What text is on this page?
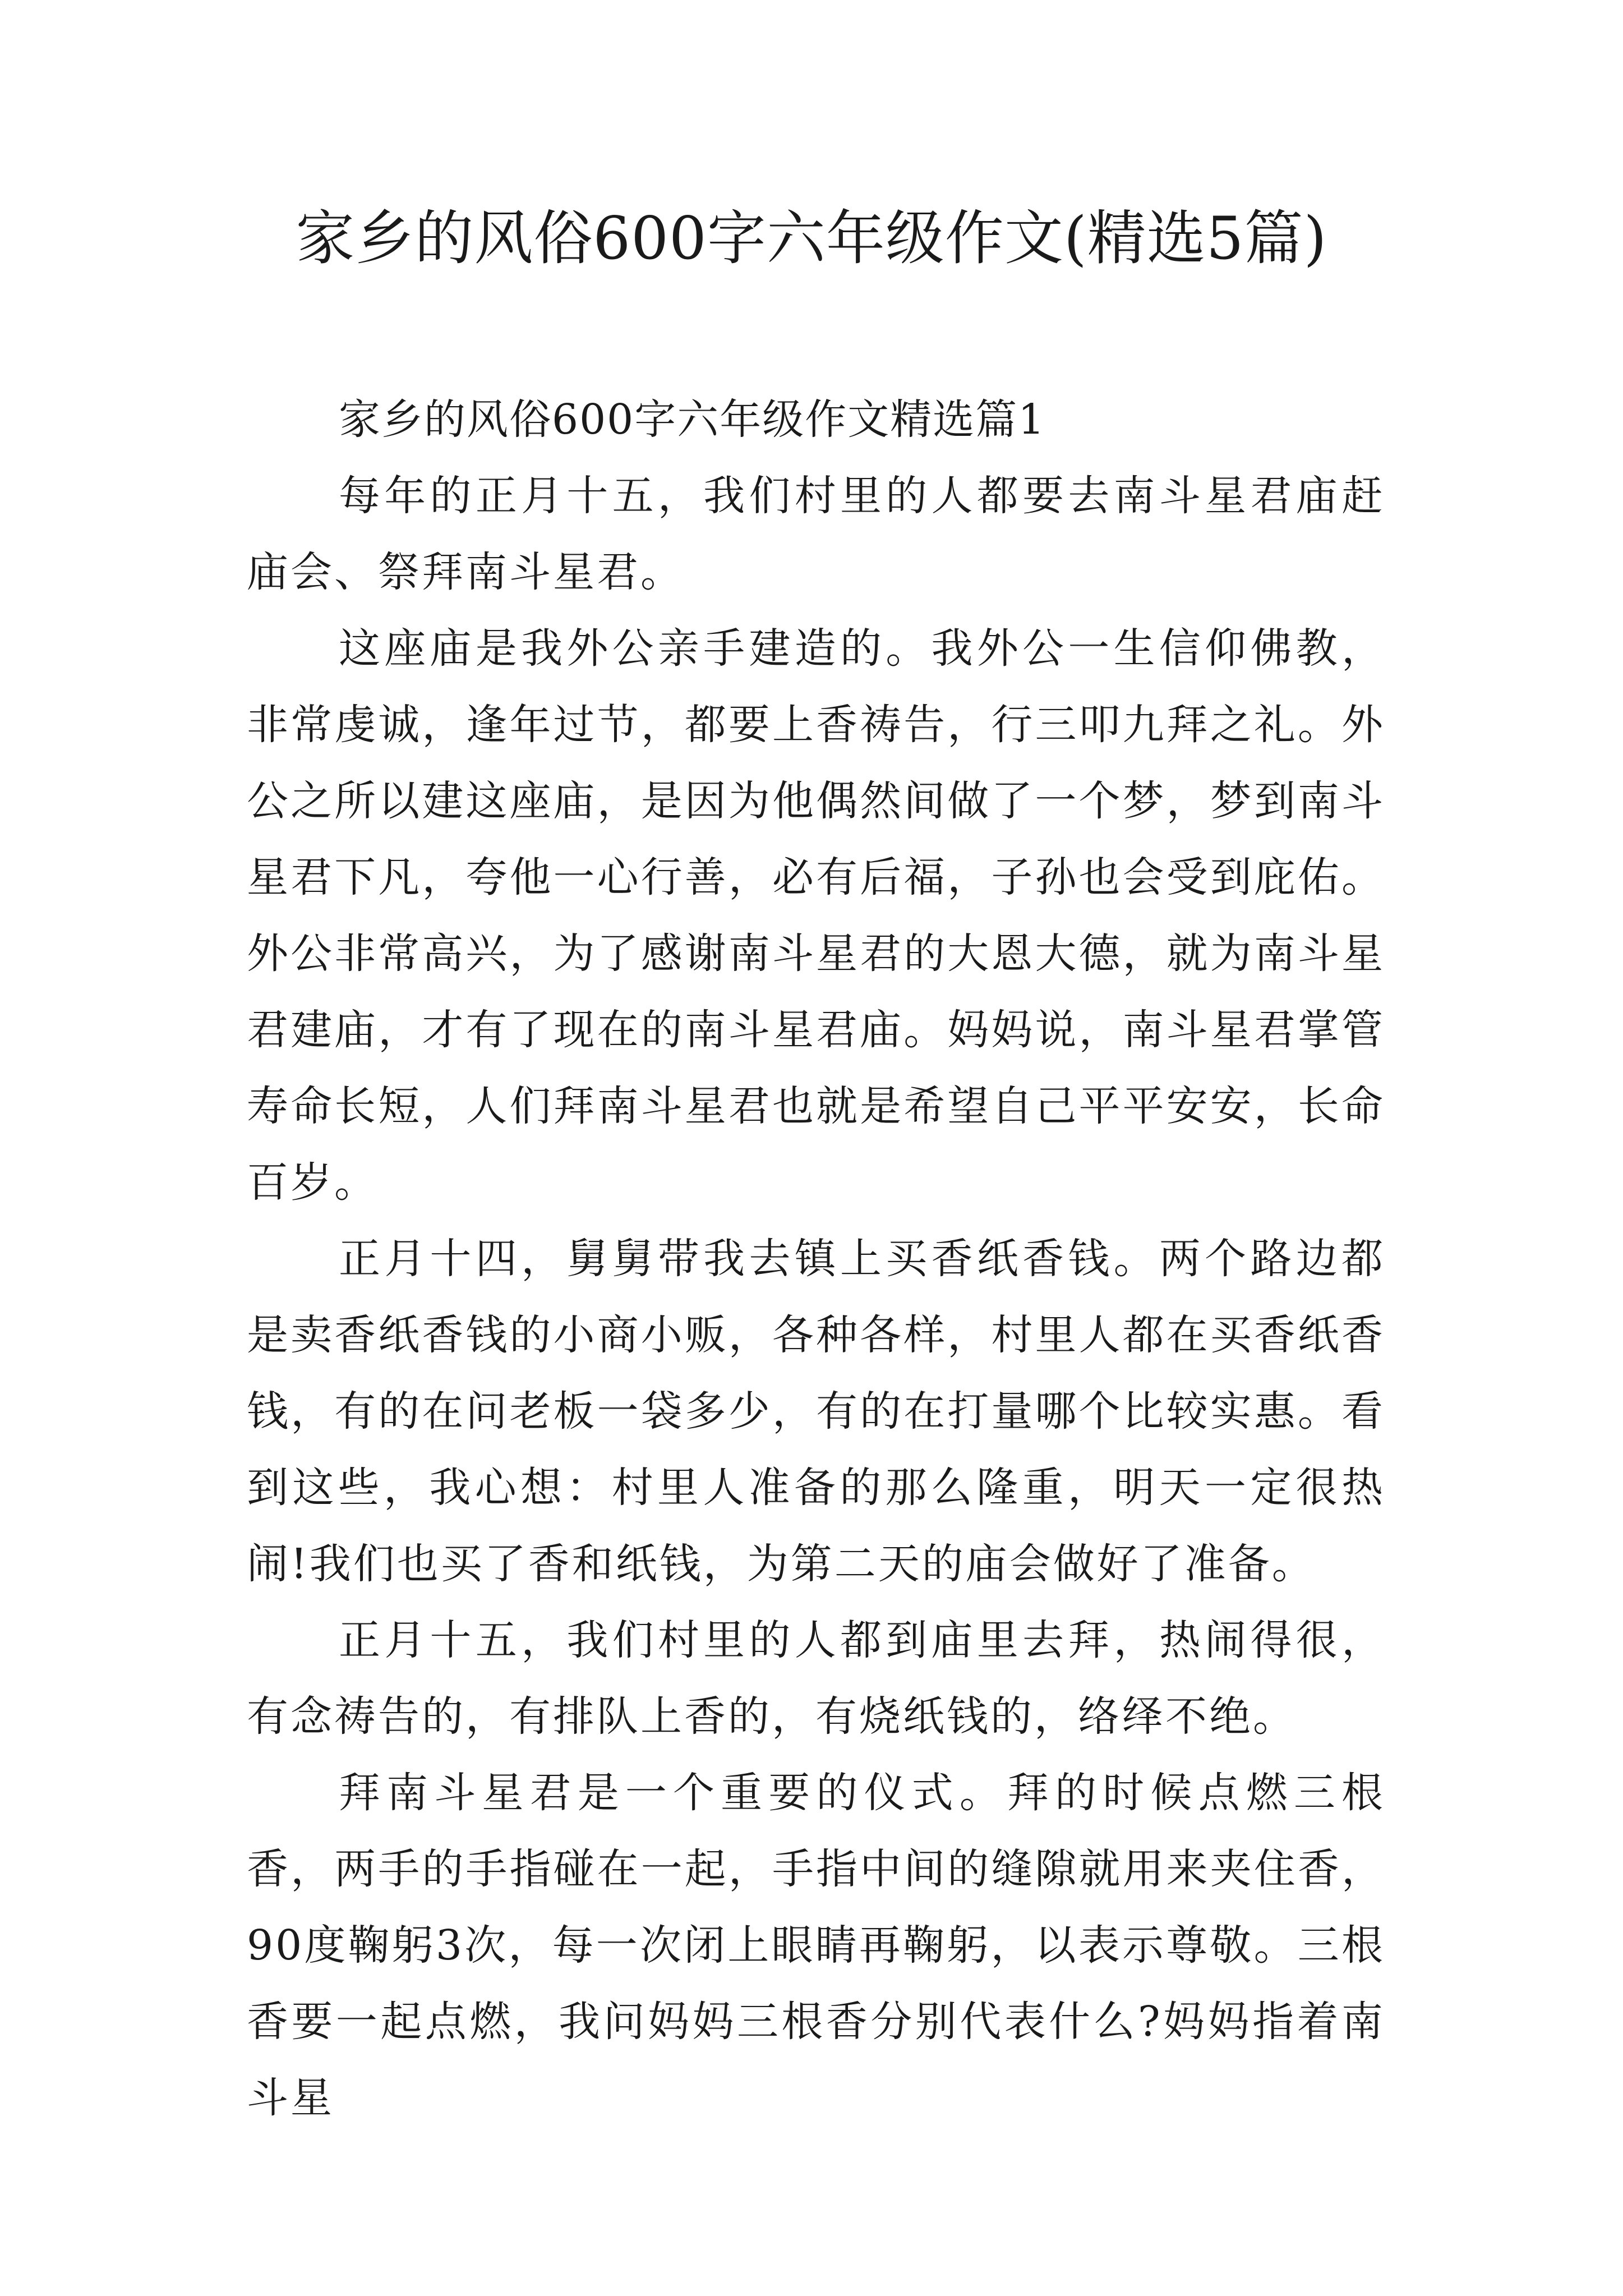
家乡的风俗600字六年级作文(精选5篇)

家乡的风俗600字六年级作文精选篇1

每年的正月十五，我们村里的人都要去南斗星君庙赶庙会、祭拜南斗星君。

这座庙是我外公亲手建造的。我外公一生信仰佛教，非常虔诚，逢年过节，都要上香祷告，行三叩九拜之礼。外公之所以建这座庙，是因为他偶然间做了一个梦，梦到南斗星君下凡，夸他一心行善，必有后福，子孙也会受到庇佑。外公非常高兴，为了感谢南斗星君的大恩大德，就为南斗星君建庙，才有了现在的南斗星君庙。妈妈说，南斗星君掌管寿命长短，人们拜南斗星君也就是希望自己平平安安，长命百岁。

正月十四，舅舅带我去镇上买香纸香钱。两个路边都是卖香纸香钱的小商小贩，各种各样，村里人都在买香纸香钱，有的在问老板一袋多少，有的在打量哪个比较实惠。看到这些，我心想：村里人准备的那么隆重，明天一定很热闹!我们也买了香和纸钱，为第二天的庙会做好了准备。

正月十五，我们村里的人都到庙里去拜，热闹得很，有念祷告的，有排队上香的，有烧纸钱的，络绎不绝。

拜南斗星君是一个重要的仪式。拜的时候点燃三根香，两手的手指碰在一起，手指中间的缝隙就用来夹住香，90度鞠躬3次，每一次闭上眼睛再鞠躬，以表示尊敬。三根香要一起点燃，我问妈妈三根香分别代表什么?妈妈指着南斗星
